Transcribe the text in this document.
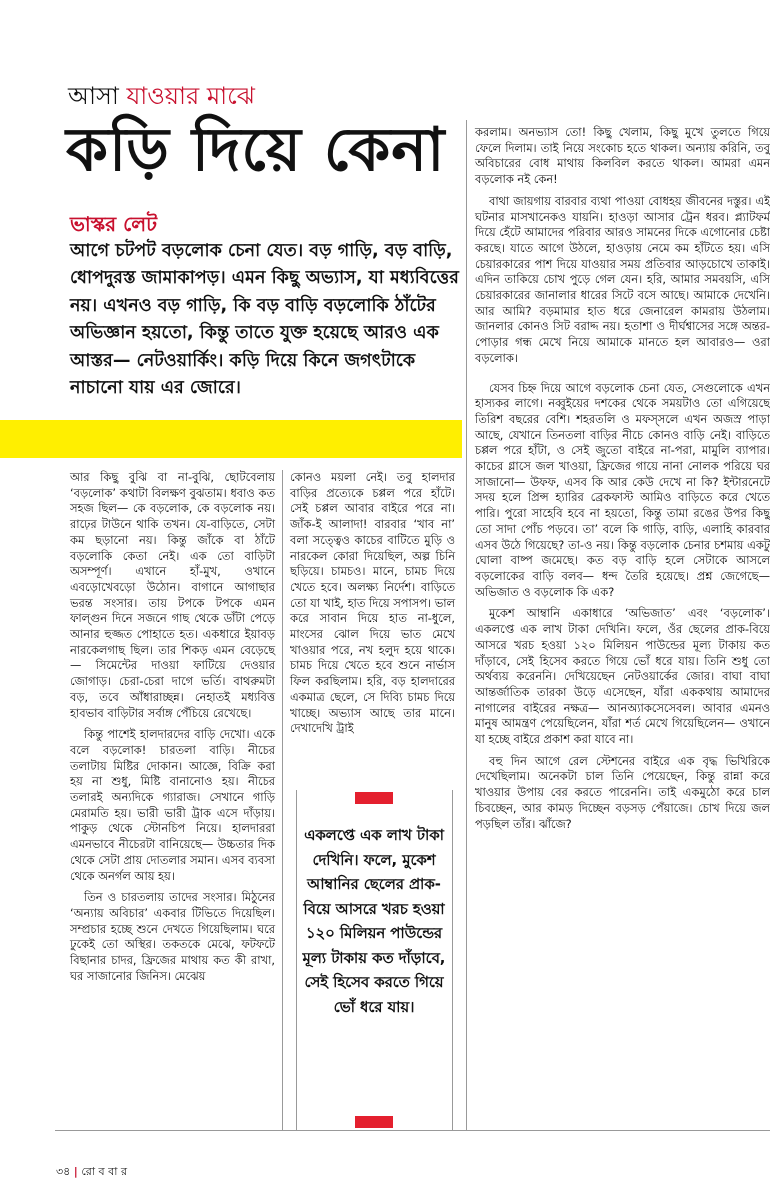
আসা যাওয়ার মাঝে
কড়ি দিয়ে কেনা
ভাস্কর লেট
আগে চটপট বড়লোক চেনা যেত। বড় গাড়ি, বড় বাড়ি, ধোপদুরস্ত জামাকাপড়। এমন কিছু অভ্যাস, যা মধ্যবিত্তের নয়। এখনও বড় গাড়ি, কি বড় বাড়ি বড়লোকি ঠাঁটের অভিজ্ঞান হয়তো, কিন্তু তাতে যুক্ত হয়েছে আরও এক আস্তর— নেটওয়ার্কিং। কড়ি দিয়ে কিনে জগৎটাকে নাচানো যায় এর জোরে।

আর কিছু বুঝি বা না-বুঝি, ছোটবেলায় ‘বড়লোক’ কথাটা বিলক্ষণ বুঝতাম। ধবাও কত সহজ ছিল— কে বড়লোক, কে বড়লোক নয়। রাঢ়ের টাউনে থাকি তখন। যে-বাড়িতে, সেটা কম ছড়ানো নয়। কিন্তু জাঁকে বা ঠাঁটে বড়লোকি কেতা নেই। এক তো বাড়িটা অসম্পূর্ণ। এখানে হাঁ-মুখ, ওখানে এবড়োখেবড়ো উঠোন। বাগানে আগাছার ভরন্ত সংসার। তায় টপকে টপকে এমন ফাল্গুন দিনে সজনে গাছ থেকে ডাঁটা পেড়ে আনার হুজ্জত পোহাতে হত। একধারে ইয়াবড় নারকেলগাছ ছিল। তার শিকড় এমন বেড়েছে— সিমেন্টের দাওয়া ফাটিয়ে দেওয়ার জোগাড়। চেরা-চেরা দাগে ভর্তি। বাথরুমটা বড়, তবে আঁধারাচ্ছন্ন। নেহাতই মধ্যবিত্ত হাবভাব বাড়িটার সর্বাঙ্গ পেঁচিয়ে রেখেছে।

কিন্তু পাশেই হালদারদের বাড়ি দেখো। একে বলে বড়লোক! চারতলা বাড়ি। নীচের তলাটায় মিষ্টির দোকান। আজ্ঞে, বিক্রি করা হয় না শুধু, মিষ্টি বানানোও হয়। নীচের তলারই অন্যদিকে গ্যারাজ। সেখানে গাড়ি মেরামতি হয়। ভারী ভারী ট্রাক এসে দাঁড়ায়। পাকুড় থেকে স্টোনচিপ নিয়ে। হালদাররা এমনভাবে নীচেরটা বানিয়েছে— উচ্চতার দিক থেকে সেটা প্রায় দোতলার সমান। এসব ব্যবসা থেকে অনর্গল আয় হয়।

তিন ও চারতলায় তাদের সংসার। মিঠুনের ‘অন্যায় অবিচার’ একবার টিভিতে দিয়েছিল। সম্প্রচার হচ্ছে শুনে দেখতে গিয়েছিলাম। ঘরে ঢুকেই তো অস্থির। তকতকে মেঝে, ফটফটে বিছানার চাদর, ফ্রিজের মাথায় কত কী রাখা, ঘর সাজানোর জিনিস। মেঝেয়

কোনও ময়লা নেই। তবু হালদার বাড়ির প্রত্যেকে চপ্পল পরে হাঁটে। সেই চপ্পল আবার বাইরে পরে না। জাঁক-ই আলাদা! বারবার ‘খাব না’ বলা সত্ত্বেও কাচের বাটিতে মুড়ি ও নারকেল কোরা দিয়েছিল, অল্প চিনি ছড়িয়ে। চামচও। মানে, চামচ দিয়ে খেতে হবে। অলক্ষ্য নির্দেশ। বাড়িতে তো যা খাই, হাত দিয়ে সপাসপ। ভাল করে সাবান দিয়ে হাত না-ধুলে, মাংসের ঝোল দিয়ে ভাত মেখে খাওয়ার পরে, নখ হলুদ হয়ে থাকে। চামচ দিয়ে খেতে হবে শুনে নার্ভাস ফিল করছিলাম। হরি, বড় হালদারের একমাত্র ছেলে, সে দিব্যি চামচ দিয়ে খাচ্ছে। অভ্যাস আছে তার মানে। দেখাদেখি ট্রাই

একলপ্তে এক লাখ টাকা দেখিনি। ফলে, মুকেশ আম্বানির ছেলের প্রাক-বিয়ে আসরে খরচ হওয়া ১২০ মিলিয়ন পাউন্ডের মূল্য টাকায় কত দাঁড়াবে, সেই হিসেব করতে গিয়ে ভোঁ ধরে যায়।

করলাম। অনভ্যাস তো! কিছু খেলাম, কিছু মুখে তুলতে গিয়ে ফেলে দিলাম। তাই নিয়ে সংকোচ হতে থাকল। অন্যায় করিনি, তবু অবিচারের বোধ মাথায় কিলবিল করতে থাকল। আমরা এমন বড়লোক নই কেন!

বাথা জায়গায় বারবার ব্যথা পাওয়া বোধহয় জীবনের দস্তুর। এই ঘটনার মাসখানেকও যায়নি। হাওড়া আসার ট্রেন ধরব। প্ল্যাটফর্ম দিয়ে হেঁটে আমাদের পরিবার আরও সামনের দিকে এগোনোর চেষ্টা করছে। যাতে আগে উঠলে, হাওড়ায় নেমে কম হাঁটতে হয়। এসি চেয়ারকারের পাশ দিয়ে যাওয়ার সময় প্রতিবার আড়চোখে তাকাই। এদিন তাকিয়ে চোখ পুড়ে গেল যেন। হরি, আমার সমবয়সি, এসি চেয়ারকারের জানালার ধারের সিটে বসে আছে। আমাকে দেখেনি। আর আমি? বড়মামার হাত ধরে জেনারেল কামরায় উঠলাম। জানলার কোনও সিট বরাদ্দ নয়। হতাশা ও দীর্ঘশ্বাসের সঙ্গে অন্তর-পোড়ার গন্ধ মেখে নিয়ে আমাকে মানতে হল আবারও— ওরা বড়লোক।

যেসব চিহ্ন দিয়ে আগে বড়লোক চেনা যেত, সেগুলোকে এখন হাস্যকর লাগে। নব্বুইয়ের দশকের থেকে সময়টাও তো এগিয়েছে তিরিশ বছরের বেশি। শহরতলি ও মফস্সলে এখন অজস্র পাড়া আছে, যেখানে তিনতলা বাড়ির নীচে কোনও বাড়ি নেই। বাড়িতে চপ্পল পরে হাঁটা, ও সেই জুতো বাইরে না-পরা, মামুলি ব্যাপার। কাচের গ্লাসে জল খাওয়া, ফ্রিজের গায়ে নানা নোলক পরিয়ে ঘর সাজানো— উফফ, এসব কি আর কেউ দেখে না কি? ইন্টারনেটে সদয় হলে প্রিন্স হ্যারির ব্রেকফাস্ট আমিও বাড়িতে করে খেতে পারি। পুরো সাহেবি হবে না হয়তো, কিন্তু তামা রঙের উপর কিছু তো সাদা পোঁচ পড়বে। তা’ বলে কি গাড়ি, বাড়ি, এলাহি কারবার এসব উঠে গিয়েছে? তা-ও নয়। কিন্তু বড়লোক চেনার চশমায় একটু ঘোলা বাষ্প জমেছে। কত বড় বাড়ি হলে সেটাকে আসলে বড়লোকের বাড়ি বলব— ধন্দ তৈরি হয়েছে। প্রশ্ন জেগেছে— অভিজাত ও বড়লোক কি এক?

মুকেশ আম্বানি একাধারে ‘অভিজাত’ এবং ‘বড়লোক’। একলপ্তে এক লাখ টাকা দেখিনি। ফলে, ওঁর ছেলের প্রাক-বিয়ে আসরে খরচ হওয়া ১২০ মিলিয়ন পাউন্ডের মূল্য টাকায় কত দাঁড়াবে, সেই হিসেব করতে গিয়ে ভোঁ ধরে যায়। তিনি শুধু তো অর্থব্যয় করেননি। দেখিয়েছেন নেটওয়ার্কের জোর। বাঘা বাঘা আন্তর্জাতিক তারকা উড়ে এসেছেন, যাঁরা এককথায় আমাদের নাগালের বাইরের নক্ষত্র— আনঅ্যাকসেসেবল। আবার এমনও মানুষ আমন্ত্রণ পেয়েছিলেন, যাঁরা শর্ত মেখে গিয়েছিলেন— ওখানে যা হচ্ছে বাইরে প্রকাশ করা যাবে না।

বহু দিন আগে রেল স্টেশনের বাইরে এক বৃদ্ধ ভিখিরিকে দেখেছিলাম। অনেকটা চাল তিনি পেয়েছেন, কিন্তু রান্না করে খাওয়ার উপায় বের করতে পারেননি। তাই একমুঠো করে চাল চিবচ্ছেন, আর কামড় দিচ্ছেন বড়সড় পেঁয়াজে। চোখ দিয়ে জল পড়ছিল তাঁর। ঝাঁজে?

৩৪ | রো ব বা র
